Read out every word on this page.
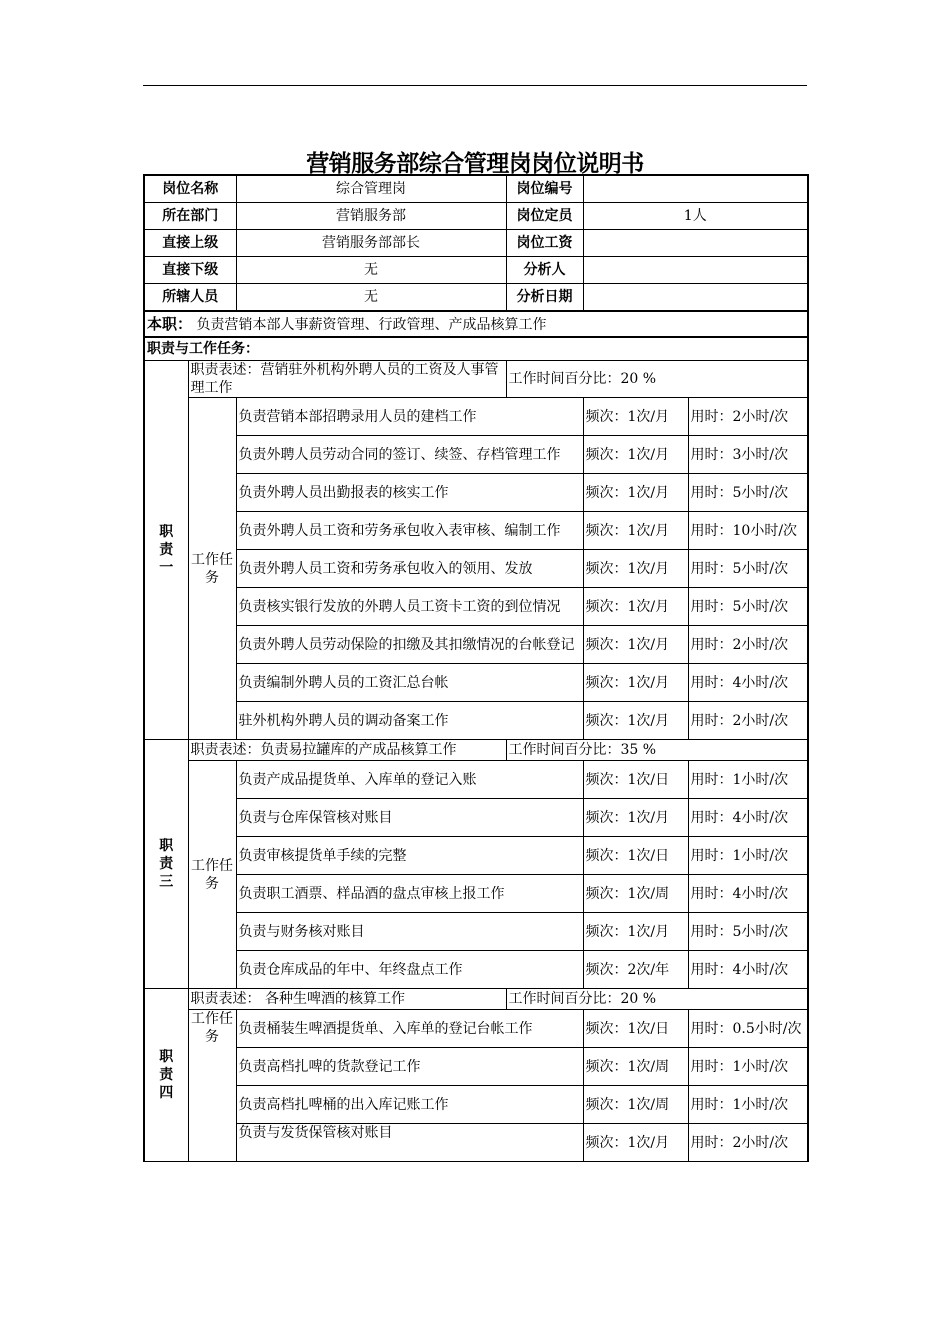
营销服务部综合管理岗岗位说明书
岗位名称		综合管理岗	岗位编号		
所在部门		营销服务部	岗位定员	1人	
直接上级		营销服务部部长	岗位工资		
直接下级		无	分析人		
所辖人员		无	分析日期		
本职： 负责营销本部人事薪资管理、行政管理、产成品核算工作					
职责与工作任务：					
职责一	职责表述：营销驻外机构外聘人员的工资及人事管理工作		工作时间百分比：20 %		
	工作任务	负责营销本部招聘录用人员的建档工作		频次：1次/月	用时：2小时/次
		负责外聘人员劳动合同的签订、续签、存档管理工作		频次：1次/月	用时：3小时/次
		负责外聘人员出勤报表的核实工作		频次：1次/月	用时：5小时/次
		负责外聘人员工资和劳务承包收入表审核、编制工作		频次：1次/月	用时：10小时/次
		负责外聘人员工资和劳务承包收入的领用、发放		频次：1次/月	用时：5小时/次
		负责核实银行发放的外聘人员工资卡工资的到位情况		频次：1次/月	用时：5小时/次
		负责外聘人员劳动保险的扣缴及其扣缴情况的台帐登记		频次：1次/月	用时：2小时/次
		负责编制外聘人员的工资汇总台帐		频次：1次/月	用时：4小时/次
		驻外机构外聘人员的调动备案工作		频次：1次/月	用时：2小时/次
职责三	职责表述：负责易拉罐库的产成品核算工作		工作时间百分比：35 %		
	工作任务	负责产成品提货单、入库单的登记入账		频次：1次/日	用时：1小时/次
		负责与仓库保管核对账目		频次：1次/月	用时：4小时/次
		负责审核提货单手续的完整		频次：1次/日	用时：1小时/次
		负责职工酒票、样品酒的盘点审核上报工作		频次：1次/周	用时：4小时/次
		负责与财务核对账目		频次：1次/月	用时：5小时/次
		负责仓库成品的年中、年终盘点工作		频次：2次/年	用时：4小时/次
职责四	职责表述： 各种生啤酒的核算工作		工作时间百分比：20 %		
	工作任务	负责桶装生啤酒提货单、入库单的登记台帐工作		频次：1次/日	用时：0.5小时/次
		负责高档扎啤的货款登记工作		频次：1次/周	用时：1小时/次
		负责高档扎啤桶的出入库记账工作		频次：1次/周	用时：1小时/次
		负责与发货保管核对账目		频次：1次/月	用时：2小时/次
